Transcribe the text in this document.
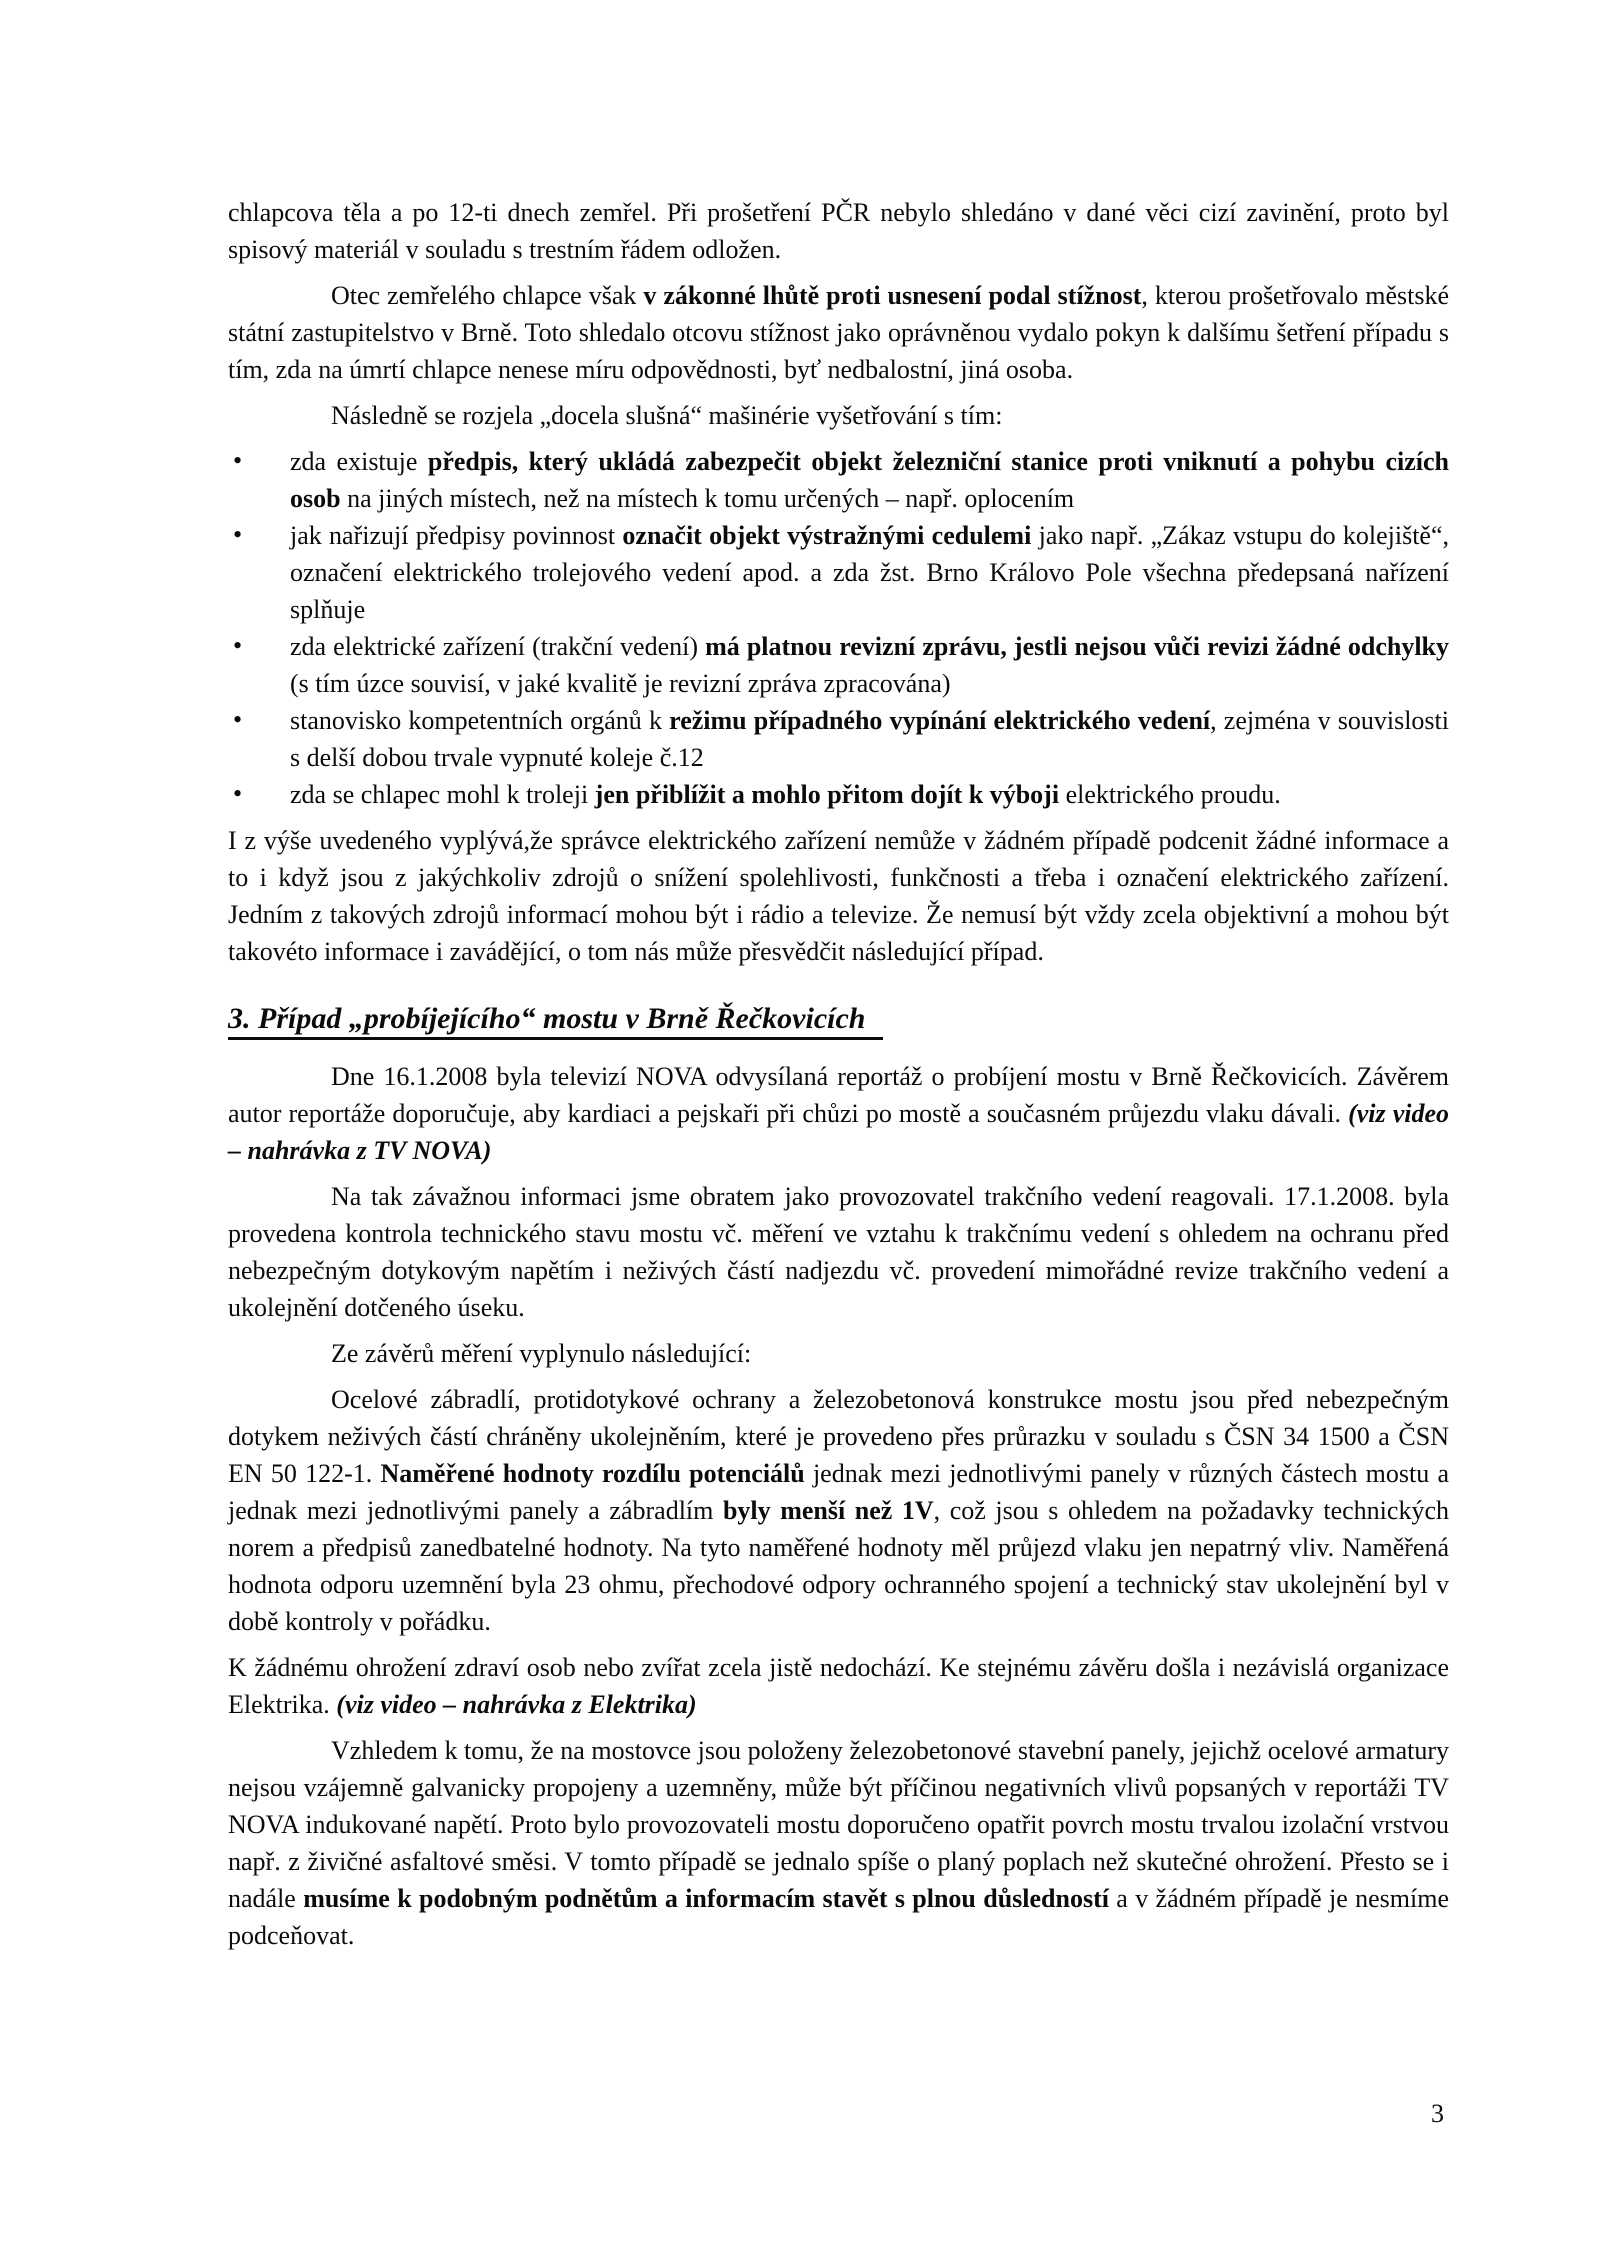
chlapcova těla a po 12-ti dnech zemřel. Při prošetření PČR nebylo shledáno v dané věci cizí zavinění, proto byl spisový materiál v souladu s trestním řádem odložen.

Otec zemřelého chlapce však v zákonné lhůtě proti usnesení podal stížnost, kterou prošetřovalo městské státní zastupitelstvo v Brně. Toto shledalo otcovu stížnost jako oprávněnou vydalo pokyn k dalšímu šetření případu s tím, zda na úmrtí chlapce nenese míru odpovědnosti, byť nedbalostní, jiná osoba.

Následně se rozjela „docela slušná“ mašinérie vyšetřování s tím:

• zda existuje předpis, který ukládá zabezpečit objekt železniční stanice proti vniknutí a pohybu cizích osob na jiných místech, než na místech k tomu určených – např. oplocením
• jak nařizují předpisy povinnost označit objekt výstražnými cedulemi jako např. „Zákaz vstupu do kolejiště“, označení elektrického trolejového vedení apod. a zda žst. Brno Královo Pole všechna předepsaná nařízení splňuje
• zda elektrické zařízení (trakční vedení) má platnou revizní zprávu, jestli nejsou vůči revizi žádné odchylky (s tím úzce souvisí, v jaké kvalitě je revizní zpráva zpracována)
• stanovisko kompetentních orgánů k režimu případného vypínání elektrického vedení, zejména v souvislosti s delší dobou trvale vypnuté koleje č.12
• zda se chlapec mohl k troleji jen přiblížit a mohlo přitom dojít k výboji elektrického proudu.

I z výše uvedeného vyplývá,že správce elektrického zařízení nemůže v žádném případě podcenit žádné informace a to i když jsou z jakýchkoliv zdrojů o snížení spolehlivosti, funkčnosti a třeba i označení elektrického zařízení. Jedním z takových zdrojů informací mohou být i rádio a televize. Že nemusí být vždy zcela objektivní a mohou být takovéto informace i zavádějící, o tom nás může přesvědčit následující případ.

3. Případ „probíjejícího“ mostu v Brně Řečkovicích

Dne 16.1.2008 byla televizí NOVA odvysílaná reportáž o probíjení mostu v Brně Řečkovicích. Závěrem autor reportáže doporučuje, aby kardiaci a pejskaři při chůzi po mostě a současném průjezdu vlaku dávali. (viz video – nahrávka z TV NOVA)

Na tak závažnou informaci jsme obratem jako provozovatel trakčního vedení reagovali. 17.1.2008. byla provedena kontrola technického stavu mostu vč. měření ve vztahu k trakčnímu vedení s ohledem na ochranu před nebezpečným dotykovým napětím i neživých částí nadjezdu vč. provedení mimořádné revize trakčního vedení a ukolejnění dotčeného úseku.

Ze závěrů měření vyplynulo následující:

Ocelové zábradlí, protidotykové ochrany a železobetonová konstrukce mostu jsou před nebezpečným dotykem neživých částí chráněny ukolejněním, které je provedeno přes průrazku v souladu s ČSN 34 1500 a ČSN EN 50 122-1. Naměřené hodnoty rozdílu potenciálů jednak mezi jednotlivými panely v různých částech mostu a jednak mezi jednotlivými panely a zábradlím byly menší než 1V, což jsou s ohledem na požadavky technických norem a předpisů zanedbatelné hodnoty. Na tyto naměřené hodnoty měl průjezd vlaku jen nepatrný vliv. Naměřená hodnota odporu uzemnění byla 23 ohmu, přechodové odpory ochranného spojení a technický stav ukolejnění byl v době kontroly v pořádku.

K žádnému ohrožení zdraví osob nebo zvířat zcela jistě nedochází. Ke stejnému závěru došla i nezávislá organizace Elektrika. (viz video – nahrávka z Elektrika)

Vzhledem k tomu, že na mostovce jsou položeny železobetonové stavební panely, jejichž ocelové armatury nejsou vzájemně galvanicky propojeny a uzemněny, může být příčinou negativních vlivů popsaných v reportáži TV NOVA indukované napětí. Proto bylo provozovateli mostu doporučeno opatřit povrch mostu trvalou izolační vrstvou např. z živičné asfaltové směsi. V tomto případě se jednalo spíše o planý poplach než skutečné ohrožení. Přesto se i nadále musíme k podobným podnětům a informacím stavět s plnou důsledností a v žádném případě je nesmíme podceňovat.

3
